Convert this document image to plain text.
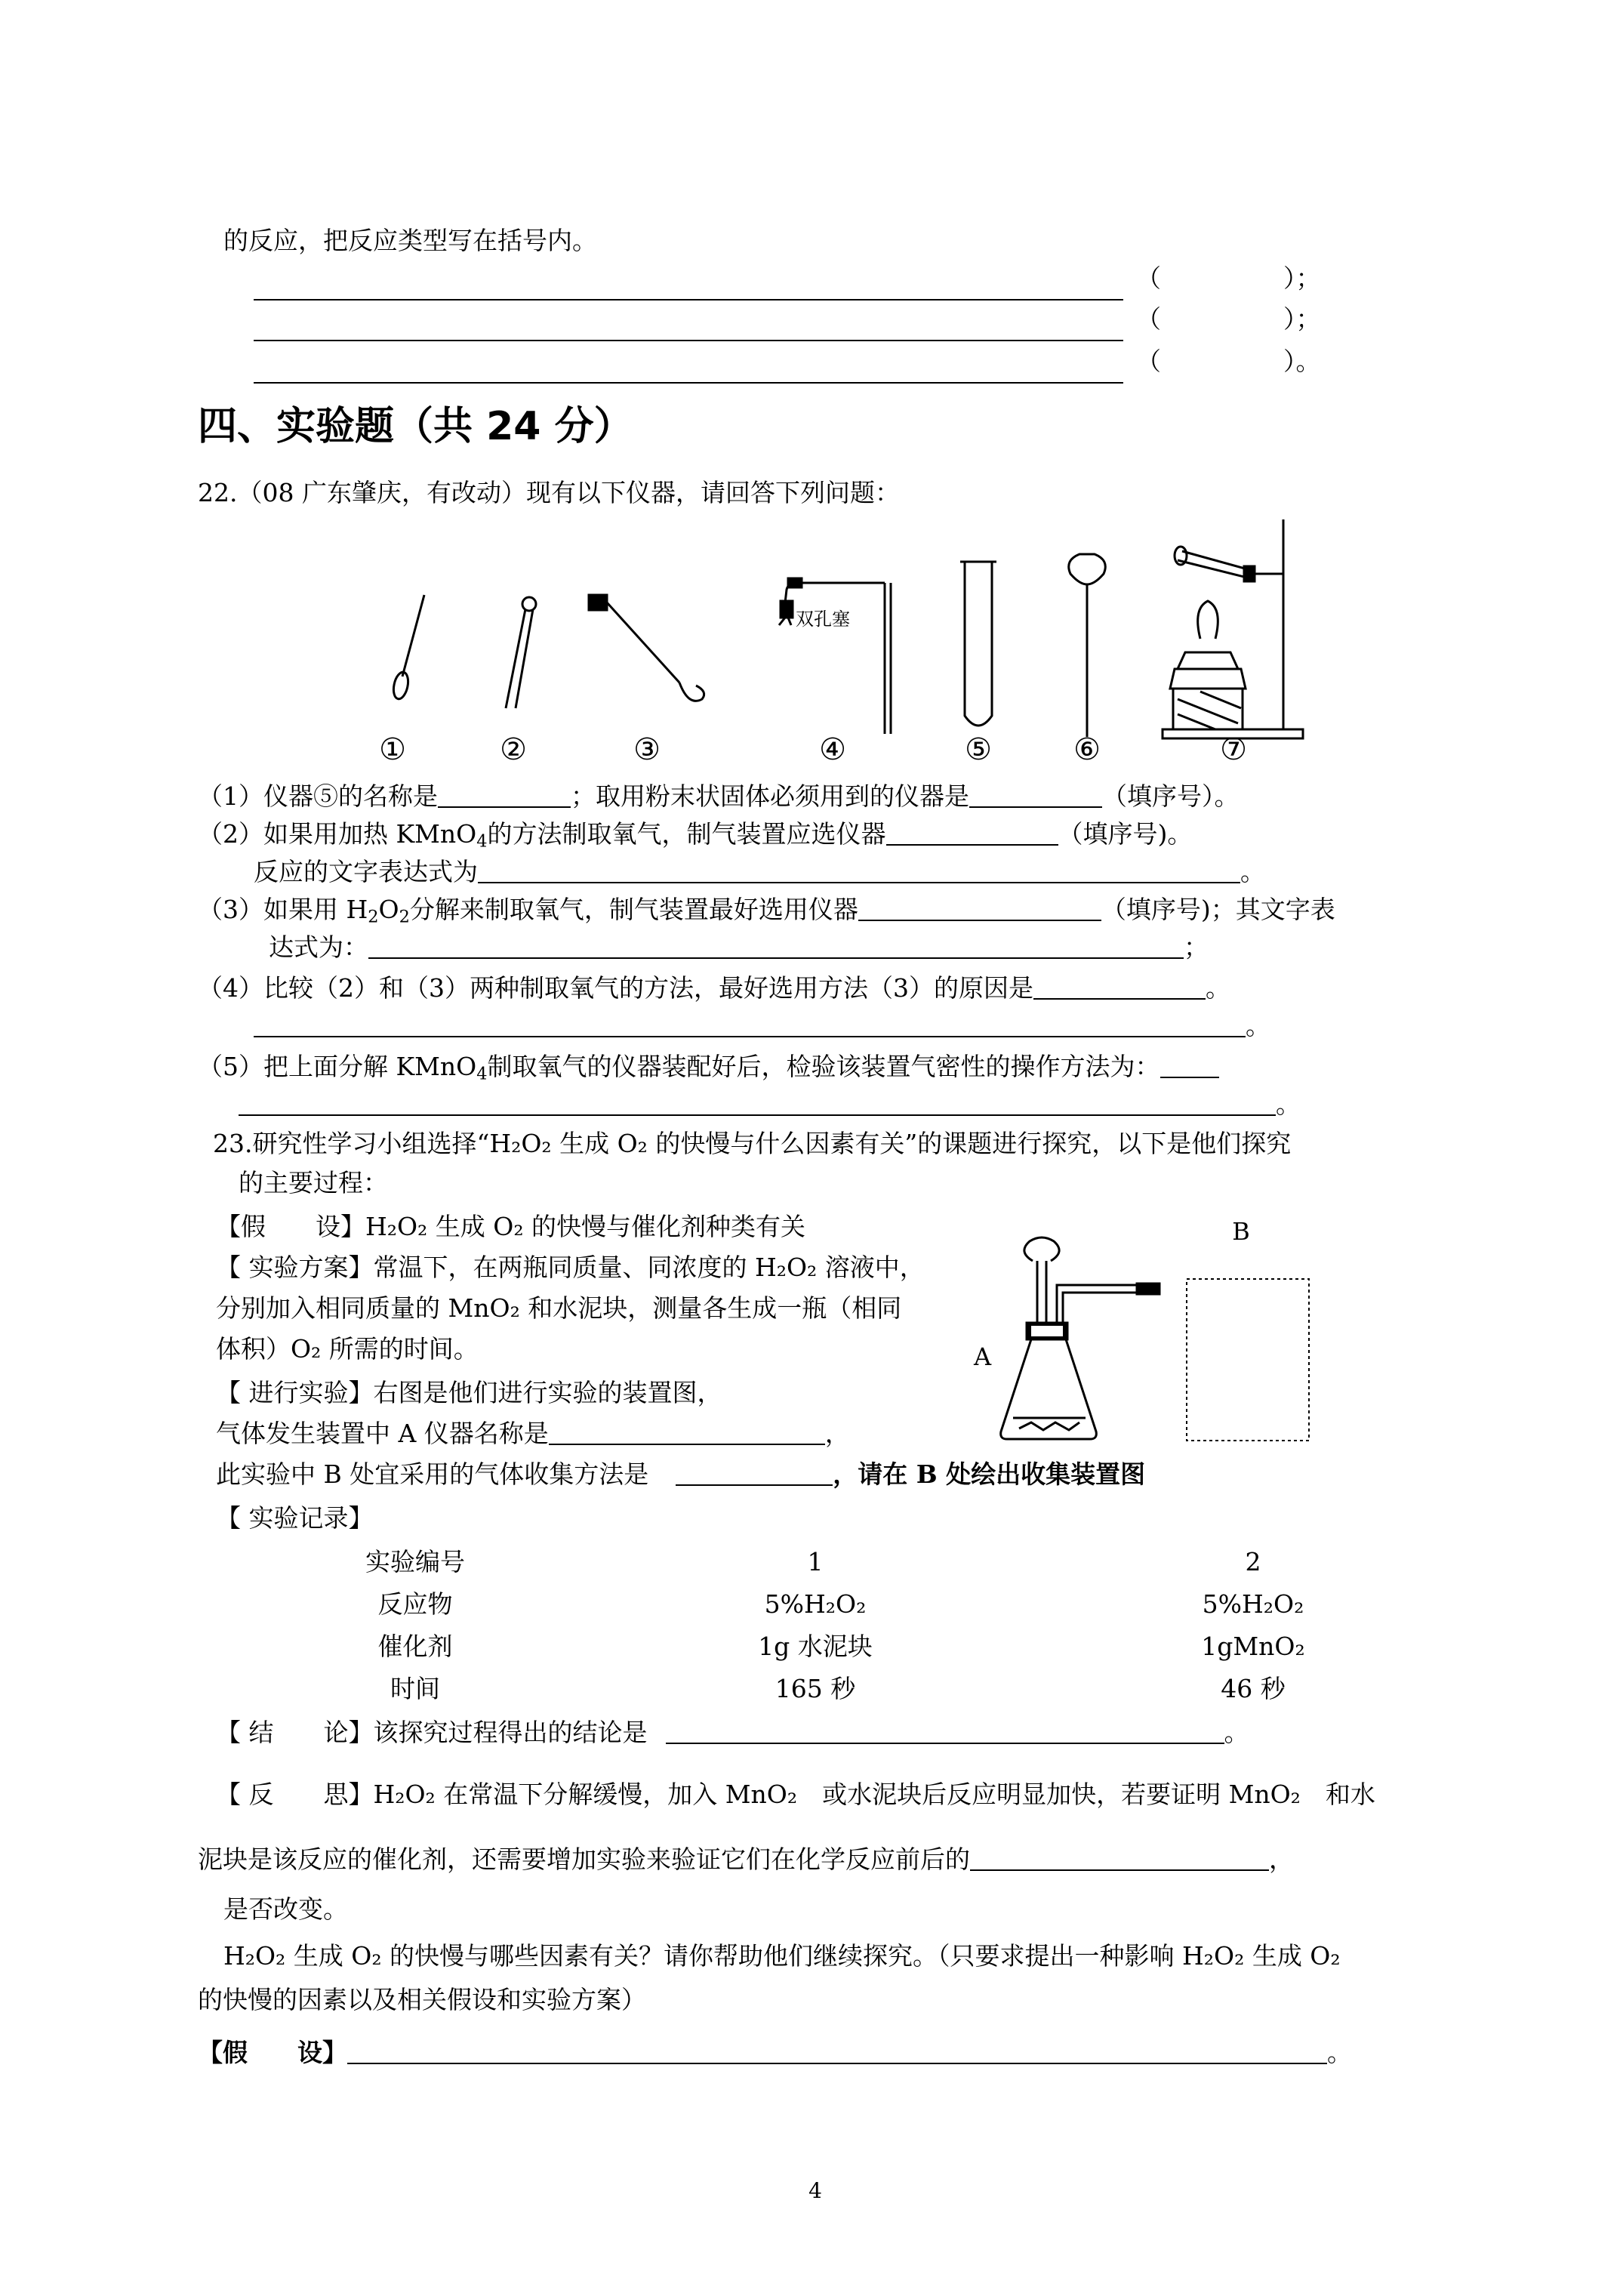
的反应，把反应类型写在括号内。
（	）；
（	）；
（	）。
四、实验题（共 24 分）
22.（08 广东肇庆，有改动）现有以下仪器，请回答下列问题：
双孔塞
①	②	③	④	⑤	⑥	⑦
（1）仪器⑤的名称是	；取用粉末状固体必须用到的仪器是	（填序号）。
（2）如果用加热 KMnO$_4$的方法制取氧气，制气装置应选仪器	（填序号)。
反应的文字表达式为	。
（3）如果用 $H_2O_2$分解来制取氧气，制气装置最好选用仪器	（填序号)；其文字表
达式为：	；
（4）比较（2）和（3）两种制取氧气的方法，最好选用方法（3）的原因是	。
。
（5）把上面分解 KMnO$_4$制取氧气的仪器装配好后，检验该装置气密性的操作方法为：
。
23.研究性学习小组选择“H₂O₂ 生成 O₂ 的快慢与什么因素有关”的课题进行探究，以下是他们探究
的主要过程：
【假　　设】H₂O₂ 生成 O₂ 的快慢与催化剂种类有关
【 实验方案】常温下，在两瓶同质量、同浓度的 H₂O₂ 溶液中，
分别加入相同质量的 MnO₂ 和水泥块，测量各生成一瓶（相同
体积）O₂ 所需的时间。
【 进行实验】右图是他们进行实验的装置图，
气体发生装置中 A 仪器名称是	，
此实验中 B 处宜采用的气体收集方法是	，请在 B 处绘出收集装置图
B
A
【 实验记录】
实验编号	1	2
反应物	5%H₂O₂	5%H₂O₂
催化剂	1g 水泥块	1gMnO₂
时间	165 秒	46 秒
【 结　　论】该探究过程得出的结论是	。
【 反　　思】H₂O₂ 在常温下分解缓慢，加入 MnO₂　或水泥块后反应明显加快，若要证明 MnO₂　和水
泥块是该反应的催化剂，还需要增加实验来验证它们在化学反应前后的	，
是否改变。
H₂O₂ 生成 O₂ 的快慢与哪些因素有关？请你帮助他们继续探究。（只要求提出一种影响 H₂O₂ 生成 O₂
的快慢的因素以及相关假设和实验方案）
【假　　设】	。
4
